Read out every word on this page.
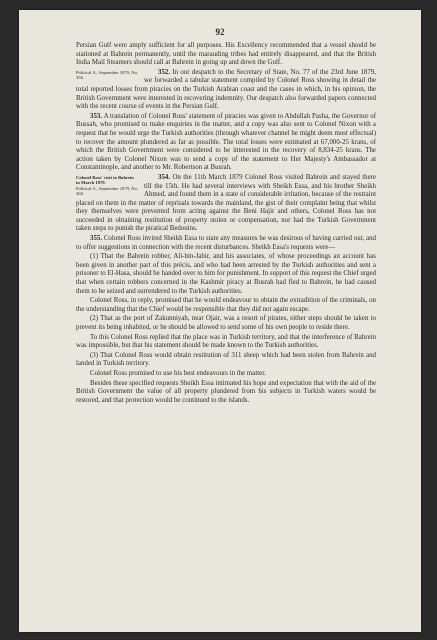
92

Persian Gulf were amply sufficient for all purposes. His Excellency recommended that a vessel should be stationed at Bahrein permanently, until the marauding tribes had entirely disappeared, and that the British India Mail Steamers should call at Bahrein in going up and down the Gulf.

Political A., September 1879, No. 356.
352. In our despatch to the Secretary of State, No. 77 of the 23rd June 1879, we forwarded a tabular statement compiled by Colonel Ross showing in detail the total reported losses from piracies on the Turkish Arabian coast and the cases in which, in his opinion, the British Government were interested in recovering indemnity. Our despatch also forwarded papers connected with the recent course of events in the Persian Gulf.

353. A translation of Colonel Ross' statement of piracies was given to Abdullah Pasha, the Governor of Bussah, who promised to make enquiries in the matter, and a copy was also sent to Colonel Nixon with a request that he would urge the Turkish authorities (through whatever channel he might deem most effectual) to recover the amount plundered as far as possible. The total losses were estimated at 67,000-25 krans, of which the British Government were considered to be interested in the recovery of 8,834-25 krans. The action taken by Colonel Nixon was to send a copy of the statement to Her Majesty's Ambassador at Constantinople, and another to Mr. Robertson at Busrah.

Colonel Ross' visit to Bahrein in March 1879.
Political A., September 1879, No. 360.
354. On the 11th March 1879 Colonel Ross visited Bahrein and stayed there till the 15th. He had several interviews with Sheikh Essa, and his brother Sheikh Ahmed, and found them in a state of considerable irritation, because of the restraint placed on them in the matter of reprisals towards the mainland, the gist of their complaint being that whilst they themselves were prevented from acting against the Beni Hajir and others, Colonel Ross has not succeeded in obtaining restitution of property stolen or compensation, nor had the Turkish Government taken steps to punish the piratical Bedouins.

355. Colonel Ross invited Sheikh Essa to state any measures he was desirous of having carried out, and to offer suggestions in connection with the recent disturbances. Sheikh Essa's requests were—

(1) That the Bahrein robber, Ali-bin-Jabir, and his associates, of whose proceedings an account has been given in another part of this précis, and who had been arrested by the Turkish authorities and sent a prisoner to El-Hasa, should be handed over to him for punishment. In support of this request the Chief urged that when certain robbers concerned in the Kashmir piracy at Busrah had fled to Bahrein, he had caused them to be seized and surrendered to the Turkish authorities.

Colonel Ross, in reply, promised that he would endeavour to obtain the extradition of the criminals, on the understanding that the Chief would be responsible that they did not again escape.

(2) That as the port of Zakunniyah, near Ojair, was a resort of pirates, either steps should be taken to prevent its being inhabited, or he should be allowed to send some of his own people to reside there.

To this Colonel Ross replied that the place was in Turkish territory, and that the interference of Bahrein was impossible, but that his statement should be made known to the Turkish authorities.

(3) That Colonel Ross would obtain restitution of 311 sheep which had been stolen from Bahrein and landed in Turkish territory.

Colonel Ross promised to use his best endeavours in the matter.

Besides these specified requests Sheikh Essa intimated his hope and expectation that with the aid of the British Government the value of all property plundered from his subjects in Turkish waters would be restored, and that protection would be continued to the islands.
